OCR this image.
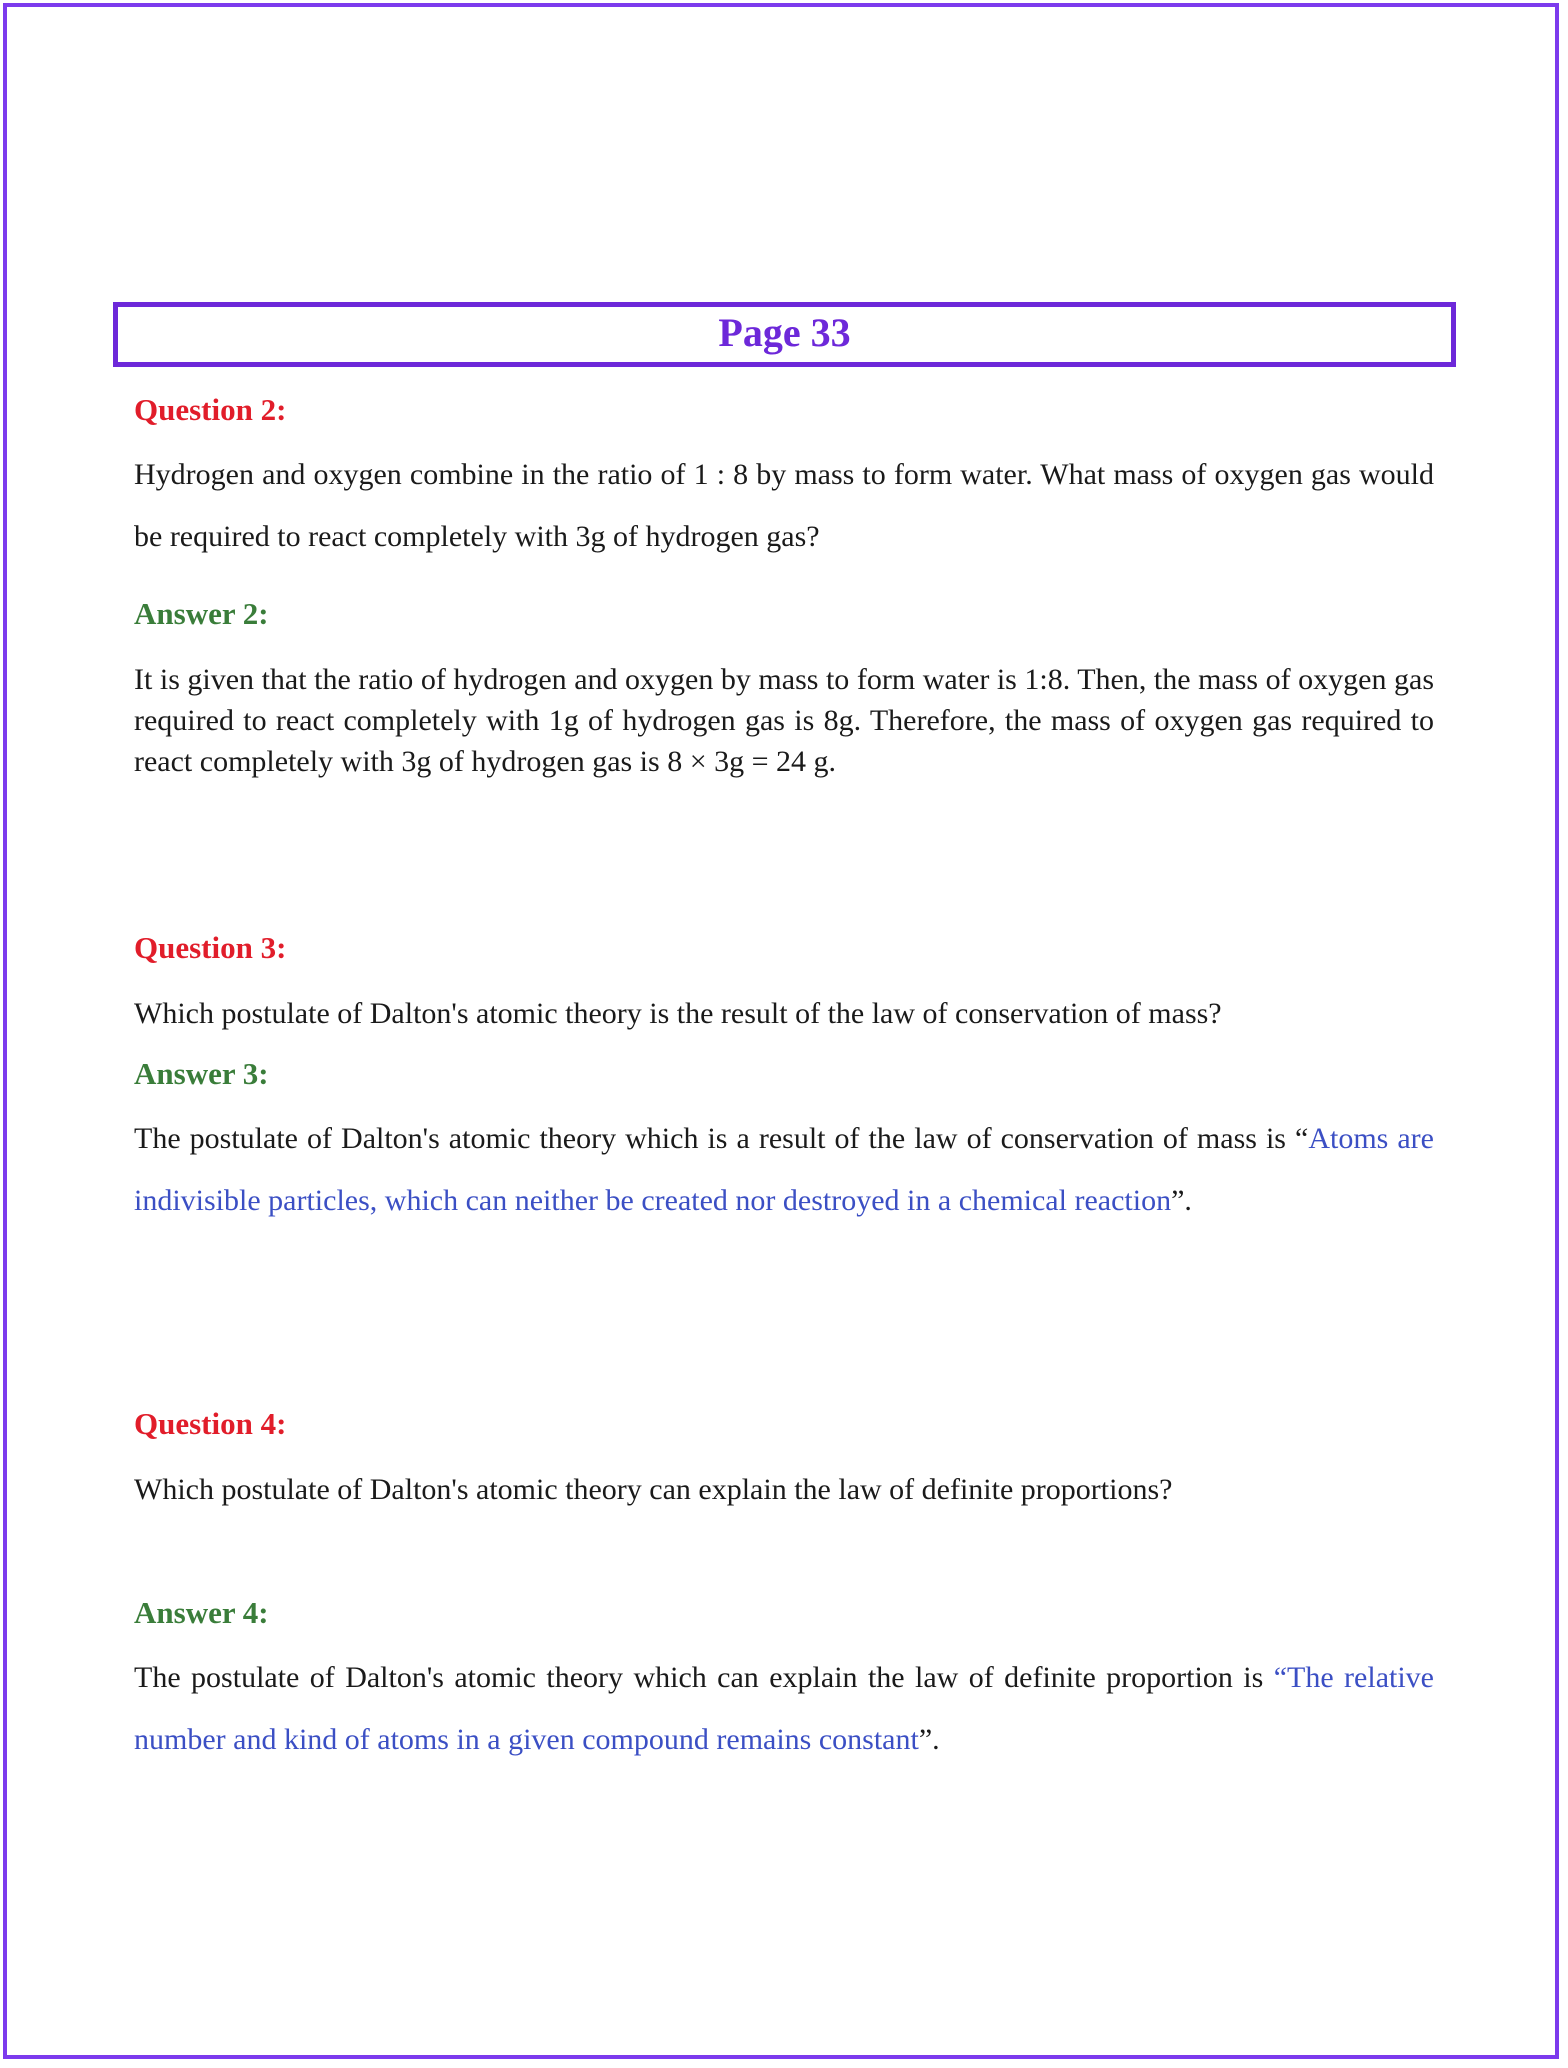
Page 33
Question 2:
Hydrogen and oxygen combine in the ratio of 1 : 8 by mass to form water. What mass of oxygen gas would be required to react completely with 3g of hydrogen gas?
Answer 2:
It is given that the ratio of hydrogen and oxygen by mass to form water is 1:8. Then, the mass of oxygen gas required to react completely with 1g of hydrogen gas is 8g. Therefore, the mass of oxygen gas required to react completely with 3g of hydrogen gas is 8 × 3g = 24 g.
Question 3:
Which postulate of Dalton's atomic theory is the result of the law of conservation of mass?
Answer 3:
The postulate of Dalton's atomic theory which is a result of the law of conservation of mass is “Atoms are indivisible particles, which can neither be created nor destroyed in a chemical reaction”.
Question 4:
Which postulate of Dalton's atomic theory can explain the law of definite proportions?
Answer 4:
The postulate of Dalton's atomic theory which can explain the law of definite proportion is “The relative number and kind of atoms in a given compound remains constant”.
